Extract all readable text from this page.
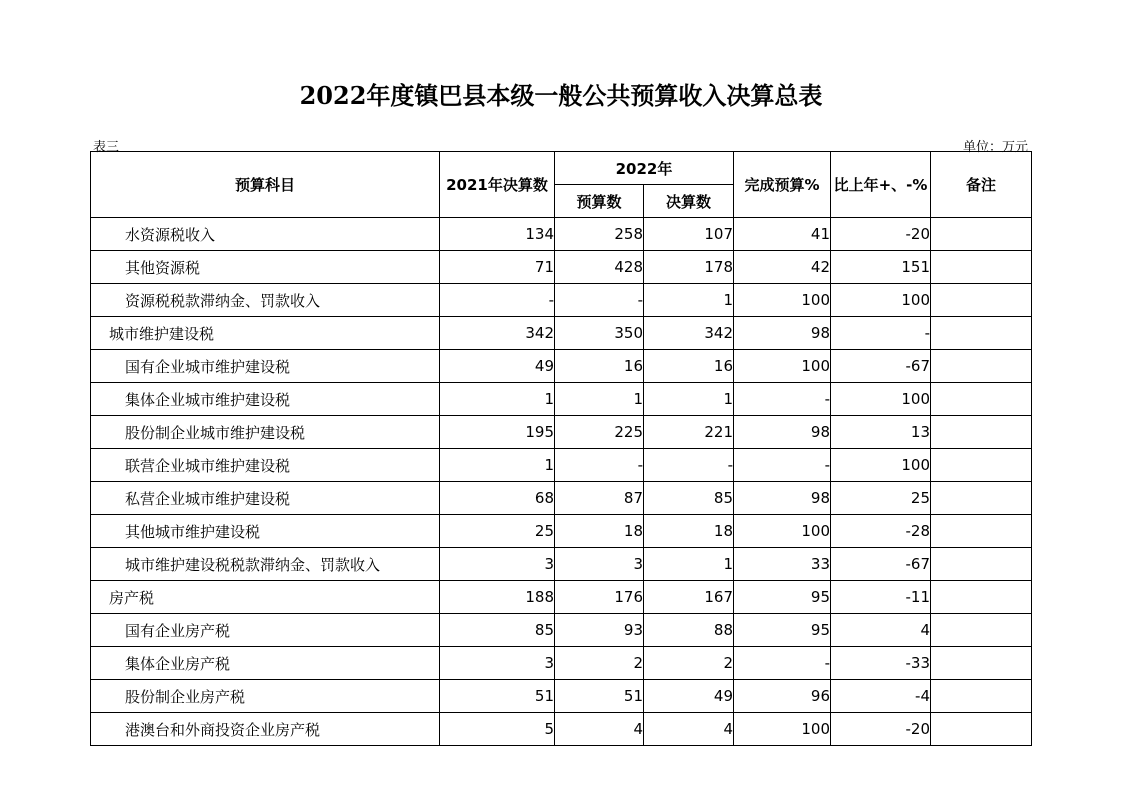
2022年度镇巴县本级一般公共预算收入决算总表
表三	单位：万元
预算科目	2021年决算数	2022年		完成预算%	比上年+、-%	备注
		预算数	决算数			
水资源税收入	134	258	107	41	-20	
其他资源税	71	428	178	42	151	
资源税税款滞纳金、罚款收入	-	-	1	100	100	
城市维护建设税	342	350	342	98	-	
国有企业城市维护建设税	49	16	16	100	-67	
集体企业城市维护建设税	1	1	1	-	100	
股份制企业城市维护建设税	195	225	221	98	13	
联营企业城市维护建设税	1	-	-	-	100	
私营企业城市维护建设税	68	87	85	98	25	
其他城市维护建设税	25	18	18	100	-28	
城市维护建设税税款滞纳金、罚款收入	3	3	1	33	-67	
房产税	188	176	167	95	-11	
国有企业房产税	85	93	88	95	4	
集体企业房产税	3	2	2	-	-33	
股份制企业房产税	51	51	49	96	-4	
港澳台和外商投资企业房产税	5	4	4	100	-20	
